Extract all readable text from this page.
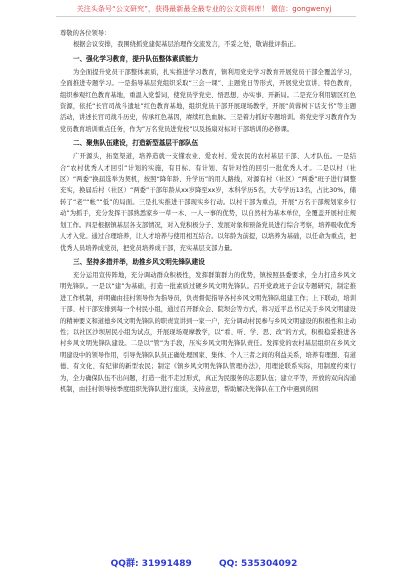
关注头条号“公文研究”，获得最新最全最专业的公文资料库！ 微信：gongwenyj

尊敬的各位领导：

根据会议安排，我围绕抓党建促基层治理作交流发言，不妥之处，敬请批评指正。

一、强化学习教育，提升队伍整体素质能力

为全面提升党员干部整体素质，扎实推进学习教育，镇利用党史学习教育开展党员干部全覆盖学习，全面推进专题学习。一是指导基层党组织采取“三会一课”、主题党日等形式，开展党史宣讲、特色教育，组织参观红色教育基地，重温入党誓词，使党员学党史、悟思想、办实事、开新局。二是充分利用辖区红色资源，依托“长官司战斗遗址”红色教育基地，组织党员干部开展现场教学，开展“黄蓉树下话支书”等主题活动，讲述长官司战斗历史，传承红色基因，赓续红色血脉。三是着力抓好专题培训。将党史学习教育作为党员教育培训重点任务，作为“万名党员进党校”以及扬扇对标对干部培训的必修课。

二、聚焦队伍建设，打造新型基层干部队伍

广开源头，拓宽渠道，培养造就一支懂农业、爱农村、爱农民的农村基层干部、人才队伍。一是结合“农村优秀人才回引”计划的实施，有目标、有计划、有针对性的回引一批优秀人才。二是以村（社区）“两委”换届选举为契机，按照“降年龄、升学历”的用人路线，对源有村（社区）“两委”班子进行调整充实，换届后村（社区）“两委”干部年龄从xx岁降至xx岁，本科学历5名，大专学历13名，占比30%，储转了“老”“帐”“低”的局面。三是扎实推进干部现实乡行动。以村干部为重点，开展“万名干部规划家乡行动”为抓手，充分发挥干部熟悉家乡一草一木、一人一事的优势，以自然村为基本单位，全覆盖开展村庄规划工作。四是根据镇基层各支部情况，对入党积极分子、发展对象和预备党员进行综合考察，培养吸收优秀人才入党。通过合理培养，让人才培养与使用相互结合。以年龄为前提，以培养为基础，以任命为重点，把优秀人员培养成党员，把党员培养成干部，充实基层支部力量。

三、坚持多措并举，助推乡风文明先锋队建设

充分运用宣传阵地，充分调动群众积极性，发挥群策群力的优势，镇按照县委要求，全力打造乡风文明先锋队。一是以“建”为基础，打造一批素质过硬乡风文明先锋队。召开党政班子会议专题研究，制定推进工作机制，并明确由挂村领导作为指导员，负责督促指导各村乡风文明先锋队组建工作；上下联动，培训干部、村干部安排到每一个村民小组，通过召开群众会、院坝会等方式，将习近平总书记关于乡风文明建设的精神要义和道德乡风文明先锋队的职责宣讲到一家一户，充分调动村民参与乡风文明建设的积极性和主动性；以社区沙坝居民小组为试点，开展现场观摩教学，以“看、听、学、思、改”的方式，积极稳妥推进各村乡风文明先锋队建设。二是以“管”为手段，压实乡风文明先锋队责任。发挥党的农村基层组织在乡风文明建设中的领导作用，引导先锋队队员正确处理国家、集体、个人三者之间的利益关系，培养有理想、有道德、有文化、有纪律的新型农民；制定《镇乡风文明先锋队管理办法》，用理论联系实际，用制度约束行为，全力确保队伍不出问题，打造一批不走过形式，真正为民服务的志愿队伍；建立平等，开放的双向沟通机制，由挂村领导按季度组织先锋队进行座谈，支持意思，帮助解决先锋队在工作中遇到的困

QQ群: 31991489	QQ: 535304092
